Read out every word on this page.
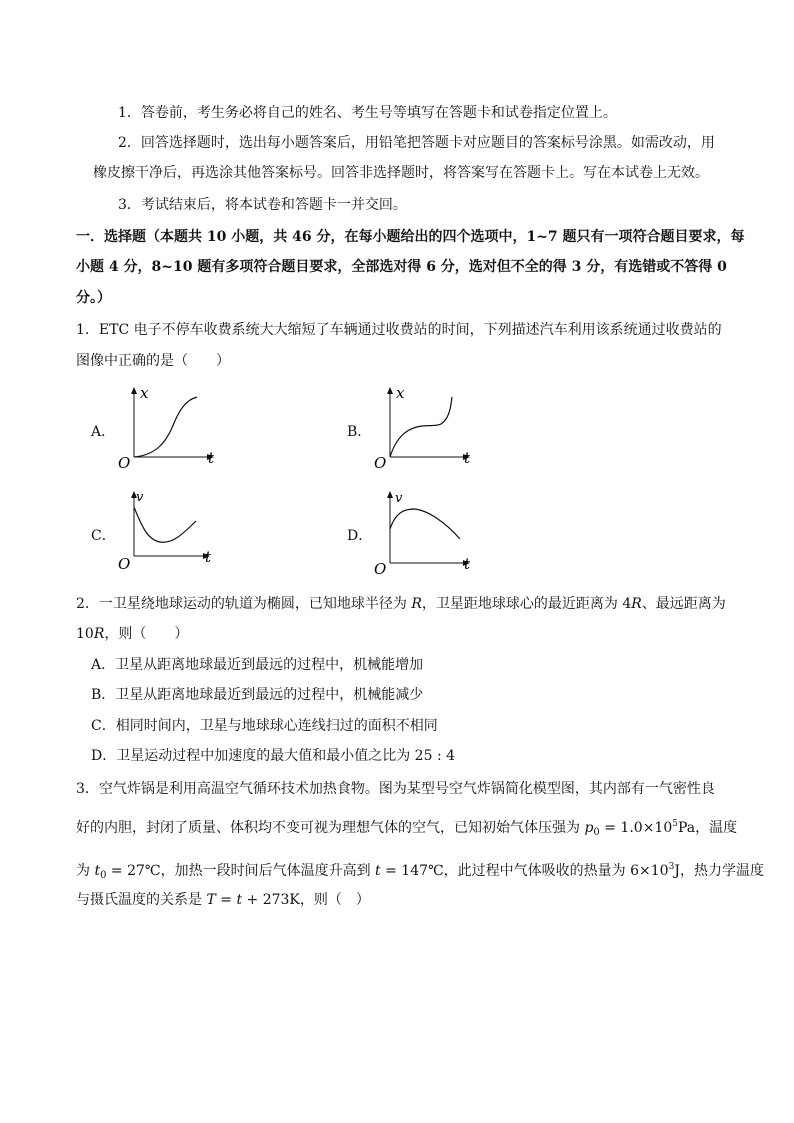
1．答卷前，考生务必将自己的姓名、考生号等填写在答题卡和试卷指定位置上。
2．回答选择题时，选出每小题答案后，用铅笔把答题卡对应题目的答案标号涂黑。如需改动，用
橡皮擦干净后，再选涂其他答案标号。回答非选择题时，将答案写在答题卡上。写在本试卷上无效。
3．考试结束后，将本试卷和答题卡一并交回。
一．选择题（本题共 10 小题，共 46 分，在每小题给出的四个选项中，1~7 题只有一项符合题目要求，每
小题 4 分，8~10 题有多项符合题目要求，全部选对得 6 分，选对但不全的得 3 分，有选错或不答得 0
分。）
1．ETC 电子不停车收费系统大大缩短了车辆通过收费站的时间，下列描述汽车利用该系统通过收费站的
图像中正确的是（　　）
A．
x
t
O
B．
x
t
O
C．
v
t
O
D．
v
t
O
2．一卫星绕地球运动的轨道为椭圆，已知地球半径为 R，卫星距地球球心的最近距离为 4R、最远距离为
10R，则（　　）
A．卫星从距离地球最近到最远的过程中，机械能增加
B．卫星从距离地球最近到最远的过程中，机械能减少
C．相同时间内，卫星与地球球心连线扫过的面积不相同
D．卫星运动过程中加速度的最大值和最小值之比为 25 : 4
3．空气炸锅是利用高温空气循环技术加热食物。图为某型号空气炸锅简化模型图，其内部有一气密性良
好的内胆，封闭了质量、体积均不变可视为理想气体的空气，已知初始气体压强为 $p_0 = 1.0\times 10^5Pa$，温度
为 $t_0$ = 27℃，加热一段时间后气体温度升高到 t = 147℃，此过程中气体吸收的热量为 $6\times 10^3J$，热力学温度
与摄氏温度的关系是 T = t + 273K，则（　）
